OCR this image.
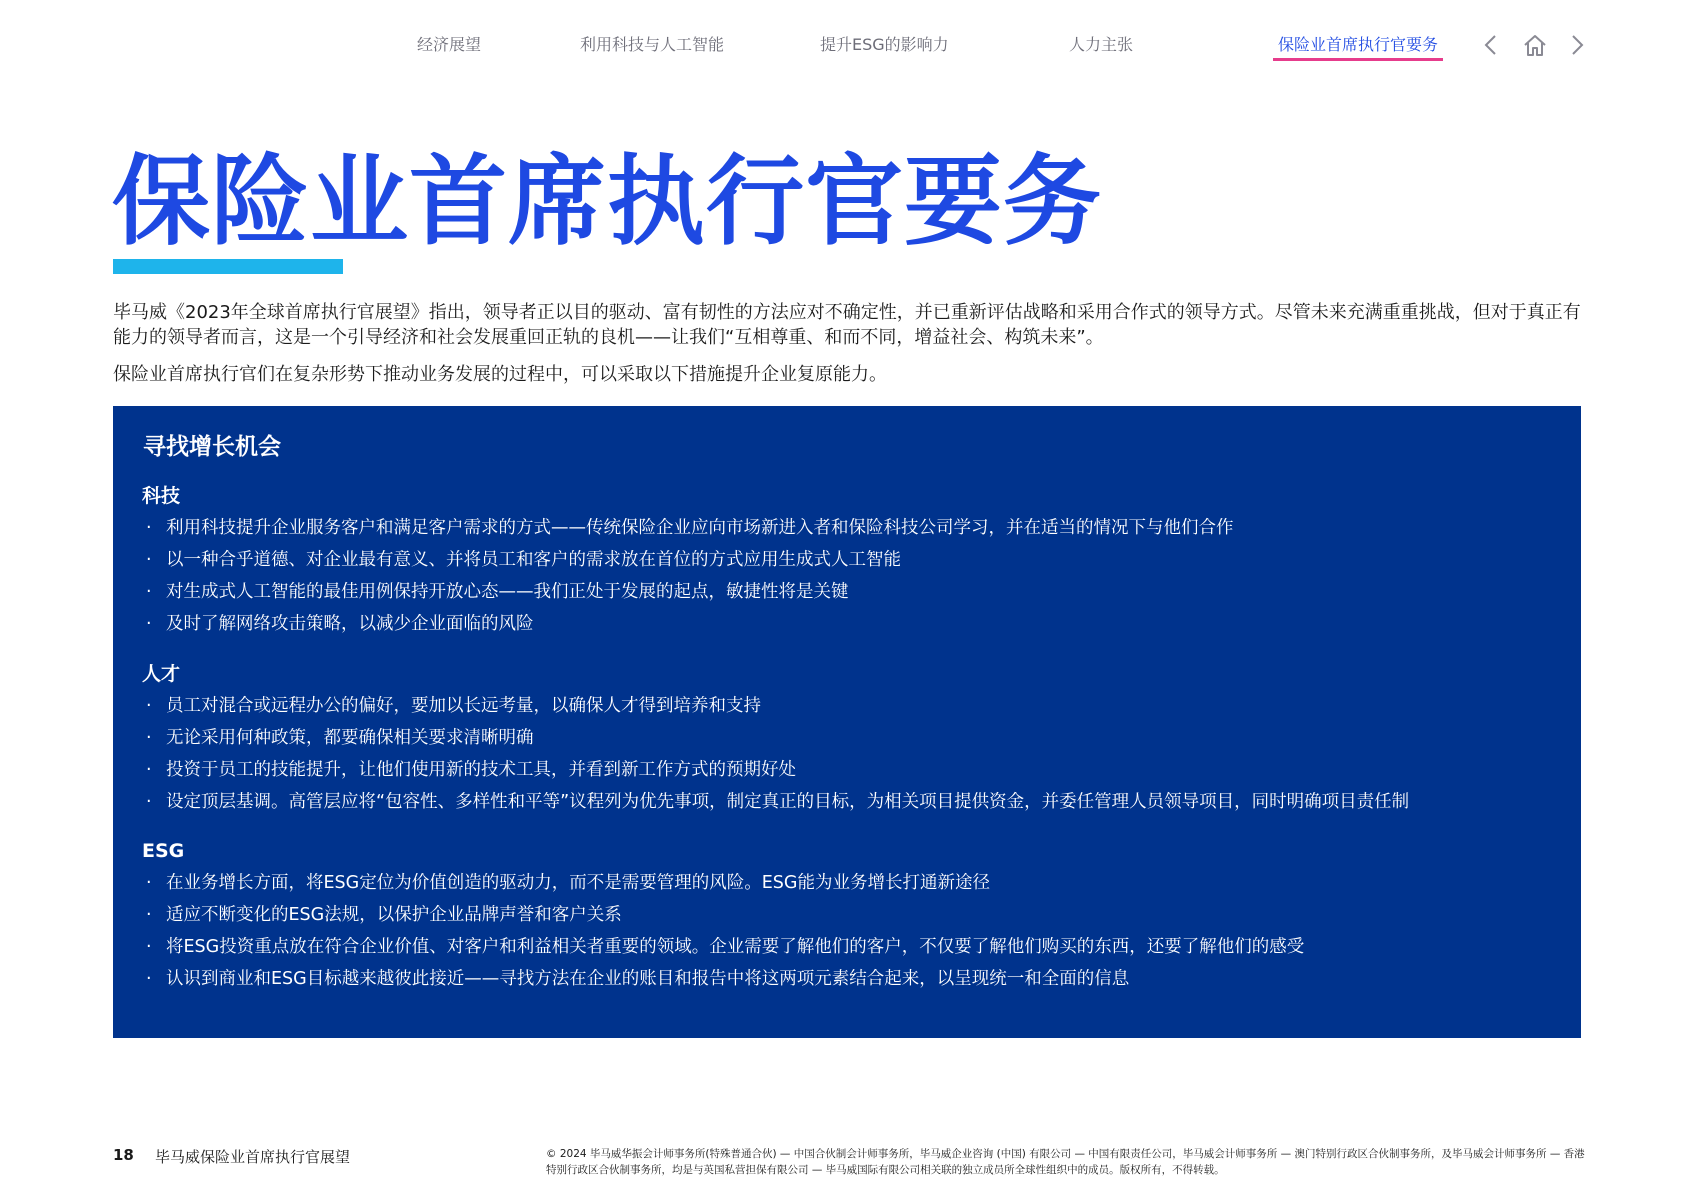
经济展望	利用科技与人工智能	提升ESG的影响力	人力主张	保险业首席执行官要务
保险业首席执行官要务

毕马威《2023年全球首席执行官展望》指出，领导者正以目的驱动、富有韧性的方法应对不确定性，并已重新评估战略和采用合作式的领导方式。尽管未来充满重重挑战，但对于真正有能力的领导者而言，这是一个引导经济和社会发展重回正轨的良机——让我们“互相尊重、和而不同，增益社会、构筑未来”。

保险业首席执行官们在复杂形势下推动业务发展的过程中，可以采取以下措施提升企业复原能力。

寻找增长机会
科技
· 利用科技提升企业服务客户和满足客户需求的方式——传统保险企业应向市场新进入者和保险科技公司学习，并在适当的情况下与他们合作
· 以一种合乎道德、对企业最有意义、并将员工和客户的需求放在首位的方式应用生成式人工智能
· 对生成式人工智能的最佳用例保持开放心态——我们正处于发展的起点，敏捷性将是关键
· 及时了解网络攻击策略，以减少企业面临的风险
人才
· 员工对混合或远程办公的偏好，要加以长远考量，以确保人才得到培养和支持
· 无论采用何种政策，都要确保相关要求清晰明确
· 投资于员工的技能提升，让他们使用新的技术工具，并看到新工作方式的预期好处
· 设定顶层基调。高管层应将“包容性、多样性和平等”议程列为优先事项，制定真正的目标，为相关项目提供资金，并委任管理人员领导项目，同时明确项目责任制
ESG
· 在业务增长方面，将ESG定位为价值创造的驱动力，而不是需要管理的风险。ESG能为业务增长打通新途径
· 适应不断变化的ESG法规，以保护企业品牌声誉和客户关系
· 将ESG投资重点放在符合企业价值、对客户和利益相关者重要的领域。企业需要了解他们的客户，不仅要了解他们购买的东西，还要了解他们的感受
· 认识到商业和ESG目标越来越彼此接近——寻找方法在企业的账目和报告中将这两项元素结合起来，以呈现统一和全面的信息
18 毕马威保险业首席执行官展望	© 2024 毕马威华振会计师事务所(特殊普通合伙) — 中国合伙制会计师事务所，毕马威企业咨询 (中国) 有限公司 — 中国有限责任公司，毕马威会计师事务所 — 澳门特别行政区合伙制事务所，及毕马威会计师事务所 — 香港特别行政区合伙制事务所，均是与英国私营担保有限公司 — 毕马威国际有限公司相关联的独立成员所全球性组织中的成员。版权所有，不得转载。
